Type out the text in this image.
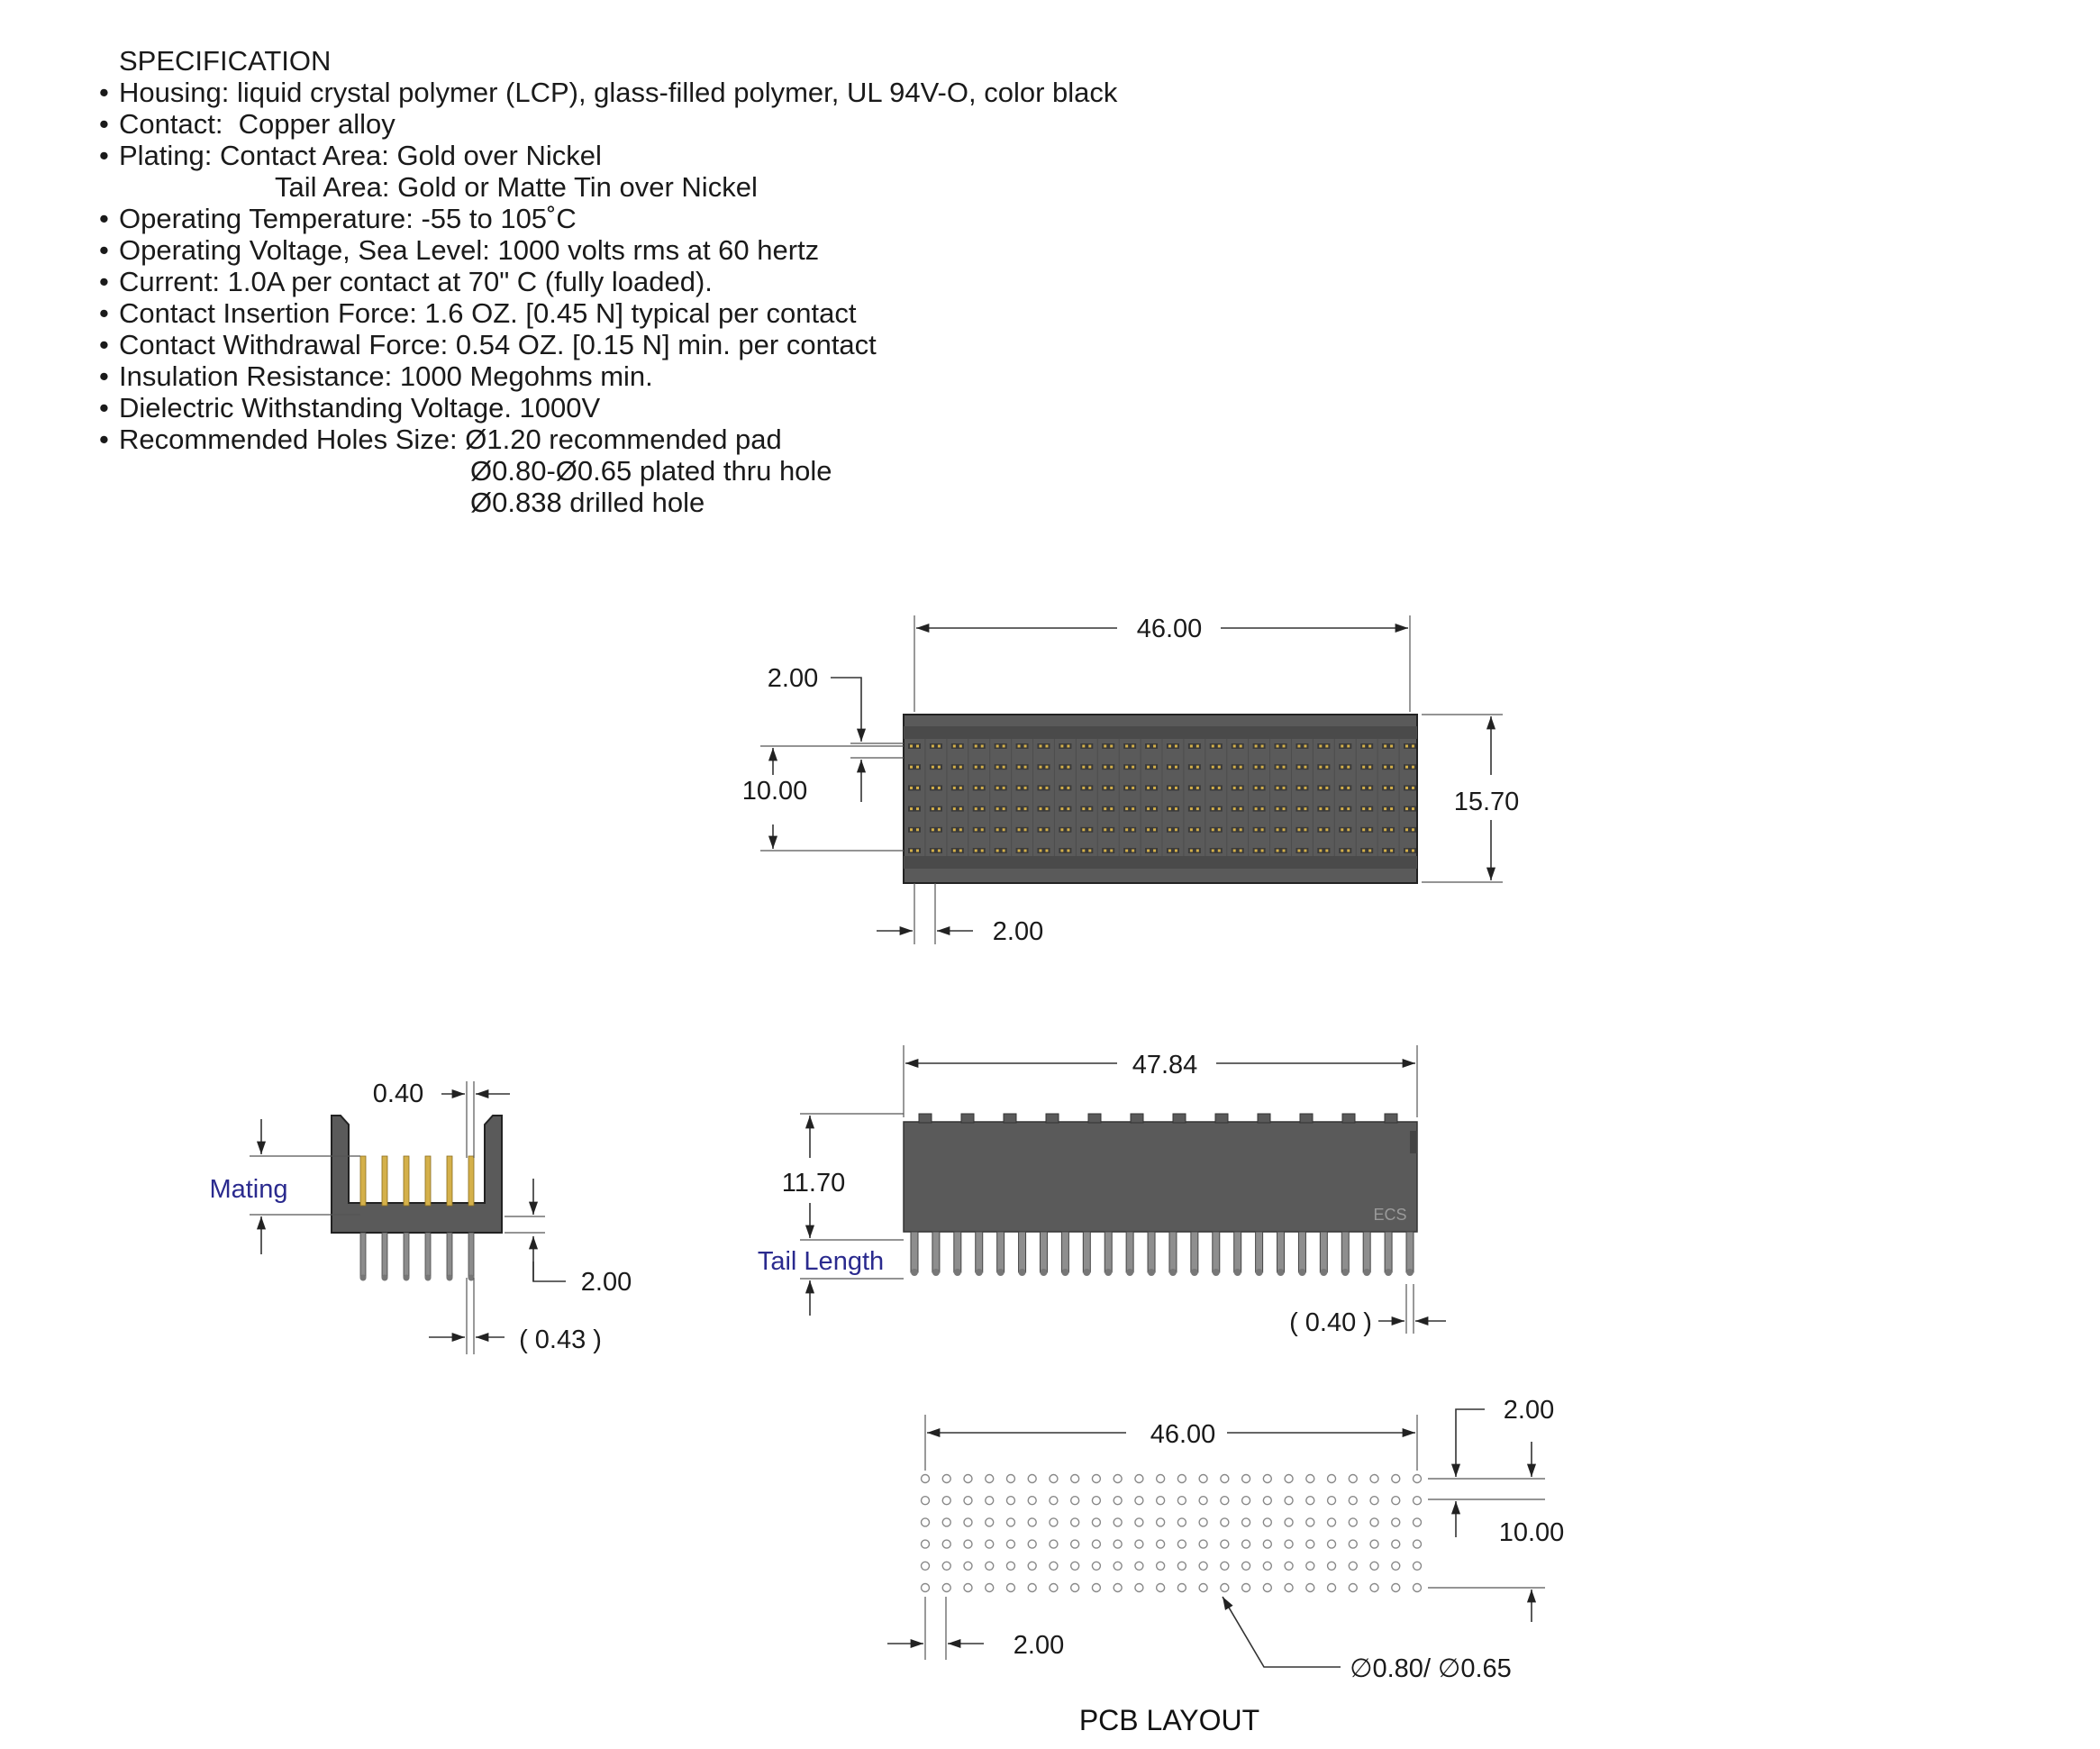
SPECIFICATION
• Housing: liquid crystal polymer (LCP), glass-filled polymer, UL 94V-O, color black
• Contact:  Copper alloy
• Plating: Contact Area: Gold over Nickel
Tail Area: Gold or Matte Tin over Nickel
• Operating Temperature: -55 to 105˚C
• Operating Voltage, Sea Level: 1000 volts rms at 60 hertz
• Current: 1.0A per contact at 70" C (fully loaded).
• Contact Insertion Force: 1.6 OZ. [0.45 N] typical per contact
• Contact Withdrawal Force: 0.54 OZ. [0.15 N] min. per contact
• Insulation Resistance: 1000 Megohms min.
• Dielectric Withstanding Voltage. 1000V
• Recommended Holes Size: Ø1.20 recommended pad
Ø0.80-Ø0.65 plated thru hole
Ø0.838 drilled hole
46.00
2.00
10.00	15.70
2.00
0.40
Mating
2.00
( 0.43 )
ECS
47.84
11.70
Tail Length
( 0.40 )
46.00
2.00
10.00
2.00
∅0.80/ ∅0.65
PCB LAYOUT
